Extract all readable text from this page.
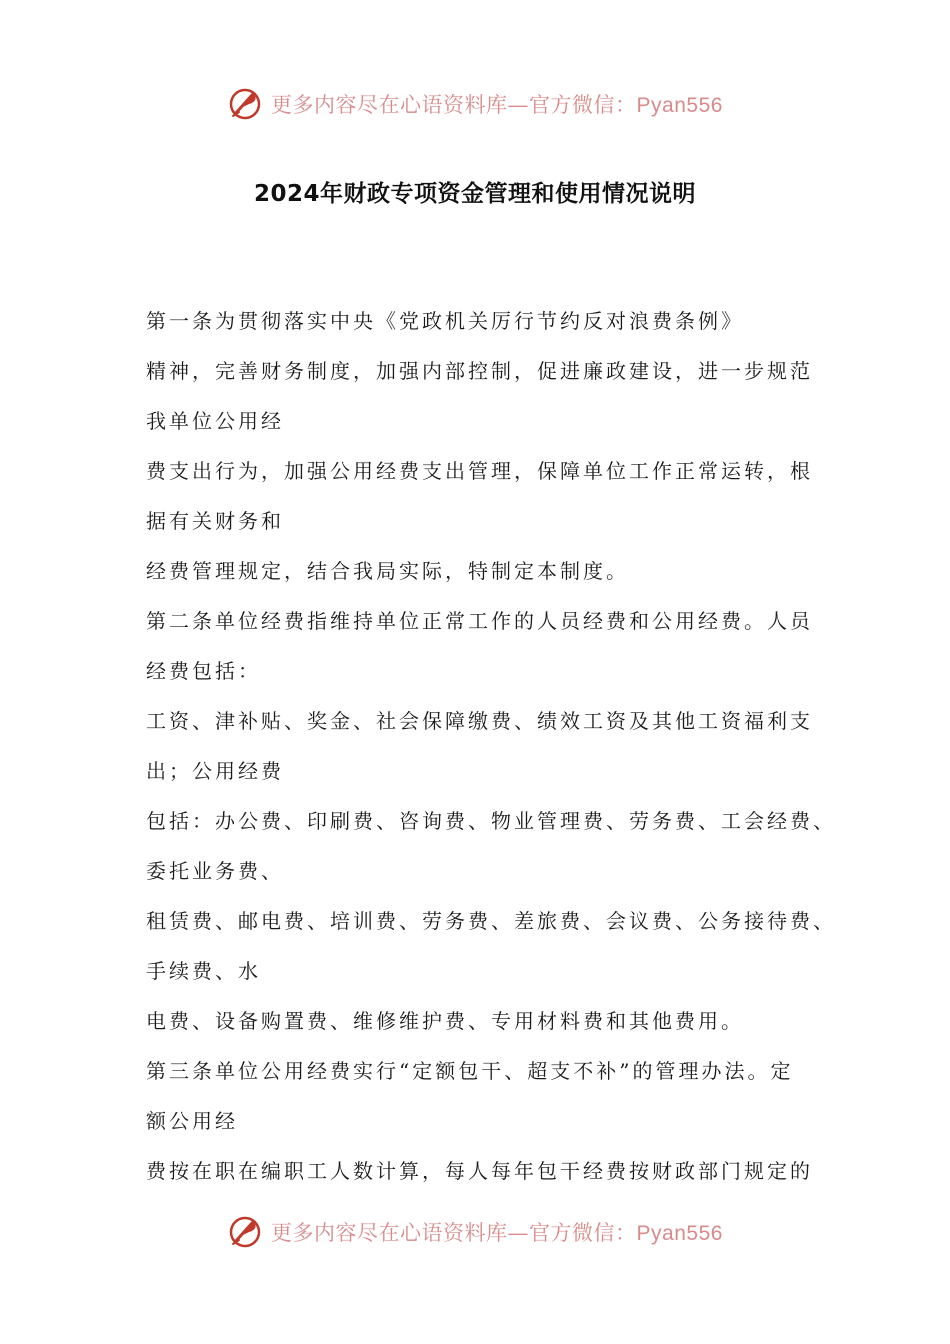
更多内容尽在心语资料库—官方微信：Pyan556
2024年财政专项资金管理和使用情况说明
第一条为贯彻落实中央《党政机关厉行节约反对浪费条例》
精神，完善财务制度，加强内部控制，促进廉政建设，进一步规范
我单位公用经
费支出行为，加强公用经费支出管理，保障单位工作正常运转，根
据有关财务和
经费管理规定，结合我局实际，特制定本制度。
第二条单位经费指维持单位正常工作的人员经费和公用经费。人员
经费包括：
工资、津补贴、奖金、社会保障缴费、绩效工资及其他工资福利支
出；公用经费
包括：办公费、印刷费、咨询费、物业管理费、劳务费、工会经费、
委托业务费、
租赁费、邮电费、培训费、劳务费、差旅费、会议费、公务接待费、
手续费、水
电费、设备购置费、维修维护费、专用材料费和其他费用。
第三条单位公用经费实行“定额包干、超支不补”的管理办法。定
额公用经
费按在职在编职工人数计算，每人每年包干经费按财政部门规定的
更多内容尽在心语资料库—官方微信：Pyan556
